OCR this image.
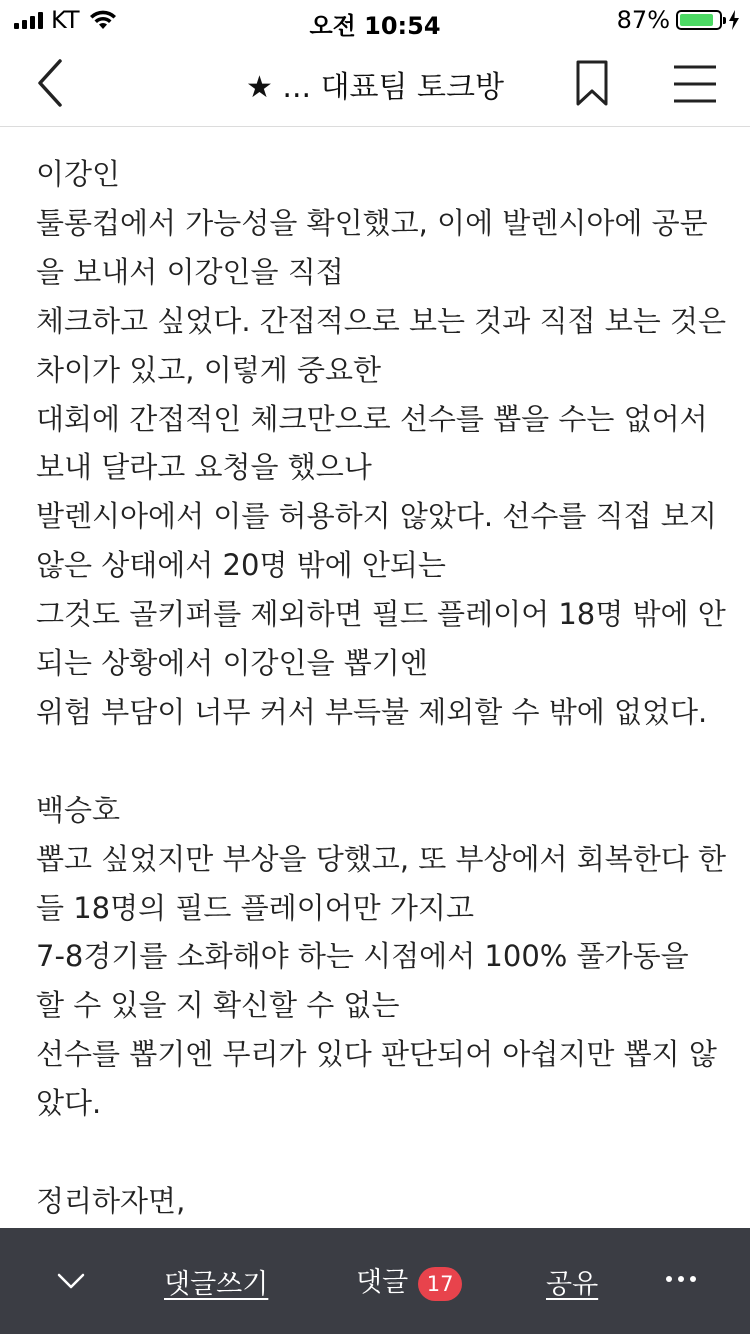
KT	오전 10:54	87%
★ ... 대표팀 토크방

이강인

툴롱컵에서 가능성을 확인했고, 이에 발렌시아에 공문

을 보내서 이강인을 직접

체크하고 싶었다. 간접적으로 보는 것과 직접 보는 것은

차이가 있고, 이렇게 중요한

대회에 간접적인 체크만으로 선수를 뽑을 수는 없어서

보내 달라고 요청을 했으나

발렌시아에서 이를 허용하지 않았다. 선수를 직접 보지

않은 상태에서 20명 밖에 안되는

그것도 골키퍼를 제외하면 필드 플레이어 18명 밖에 안

되는 상황에서 이강인을 뽑기엔

위험 부담이 너무 커서 부득불 제외할 수 밖에 없었다.

백승호

뽑고 싶었지만 부상을 당했고, 또 부상에서 회복한다 한

들 18명의 필드 플레이어만 가지고

7-8경기를 소화해야 하는 시점에서 100% 풀가동을

할 수 있을 지 확신할 수 없는

선수를 뽑기엔 무리가 있다 판단되어 아쉽지만 뽑지 않

았다.

정리하자면,

댓글쓰기	댓글 17	공유
